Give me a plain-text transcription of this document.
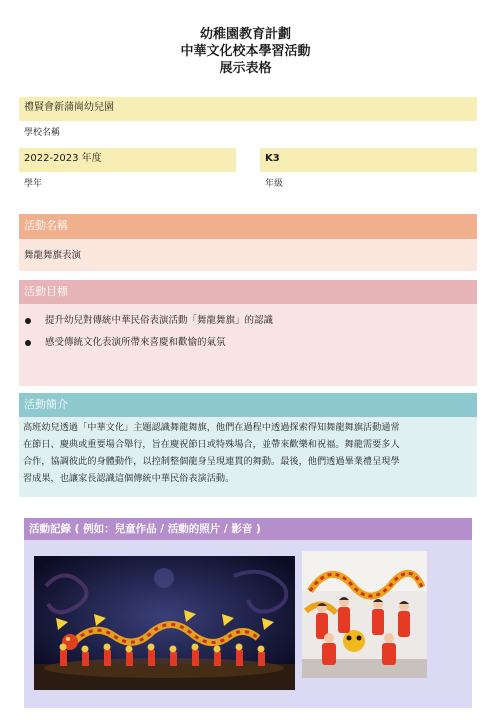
幼稚園教育計劃
中華文化校本學習活動
展示表格
禮賢會新蒲崗幼兒園
學校名稱
2022-2023 年度
學年
K3
年級
活動名稱
舞龍舞旗表演
活動目標
提升幼兒對傳統中華民俗表演活動「舞龍舞旗」的認識
感受傳統文化表演所帶來喜慶和歡愉的氣氛
活動簡介
高班幼兒透過「中華文化」主題認識舞龍舞旗，他們在過程中透過探索得知舞龍舞旗活動通常
在節日、慶典或重要場合舉行，旨在慶祝節日或特殊場合，並帶來歡樂和祝福。舞龍需要多人
合作，協調彼此的身體動作，以控制整個龍身呈現連貫的舞動。最後，他們透過畢業禮呈現學
習成果，也讓家長認識這個傳統中華民俗表演活動。
活動記錄 ( 例如：兒童作品 / 活動的照片 / 影音 )
